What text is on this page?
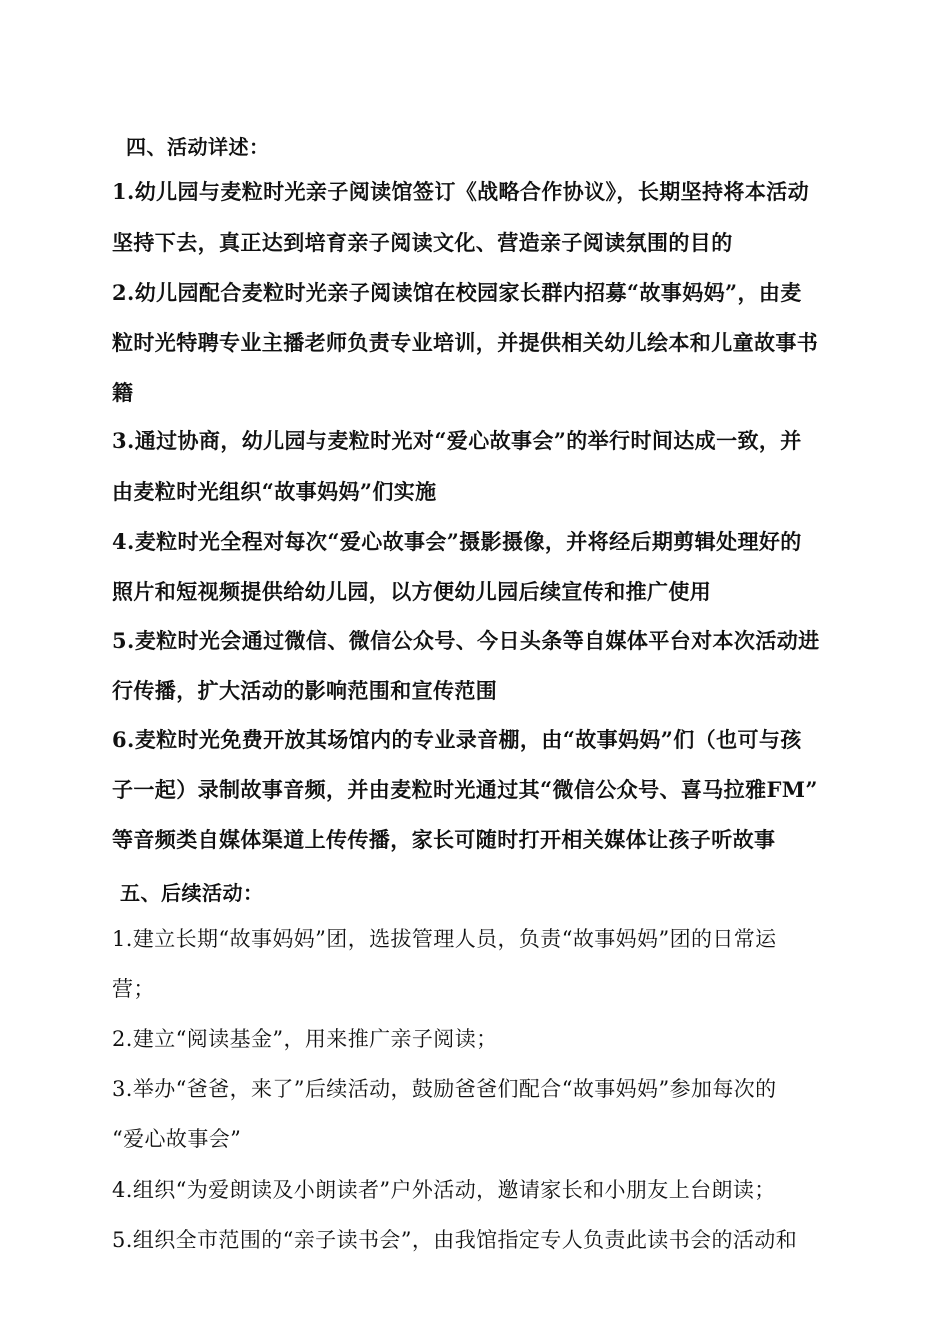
四、活动详述：
1.幼儿园与麦粒时光亲子阅读馆签订《战略合作协议》，长期坚持将本活动
坚持下去，真正达到培育亲子阅读文化、营造亲子阅读氛围的目的
2.幼儿园配合麦粒时光亲子阅读馆在校园家长群内招募“故事妈妈”，由麦
粒时光特聘专业主播老师负责专业培训，并提供相关幼儿绘本和儿童故事书
籍
3.通过协商，幼儿园与麦粒时光对“爱心故事会”的举行时间达成一致，并
由麦粒时光组织“故事妈妈”们实施
4.麦粒时光全程对每次“爱心故事会”摄影摄像，并将经后期剪辑处理好的
照片和短视频提供给幼儿园，以方便幼儿园后续宣传和推广使用
5.麦粒时光会通过微信、微信公众号、今日头条等自媒体平台对本次活动进
行传播，扩大活动的影响范围和宣传范围
6.麦粒时光免费开放其场馆内的专业录音棚，由“故事妈妈”们（也可与孩
子一起）录制故事音频，并由麦粒时光通过其“微信公众号、喜马拉雅FM”
等音频类自媒体渠道上传传播，家长可随时打开相关媒体让孩子听故事
五、后续活动：
1.建立长期“故事妈妈”团，选拔管理人员，负责“故事妈妈”团的日常运
营；
2.建立“阅读基金”，用来推广亲子阅读；
3.举办“爸爸，来了”后续活动，鼓励爸爸们配合“故事妈妈”参加每次的
“爱心故事会”
4.组织“为爱朗读及小朗读者”户外活动，邀请家长和小朋友上台朗读；
5.组织全市范围的“亲子读书会”，由我馆指定专人负责此读书会的活动和
